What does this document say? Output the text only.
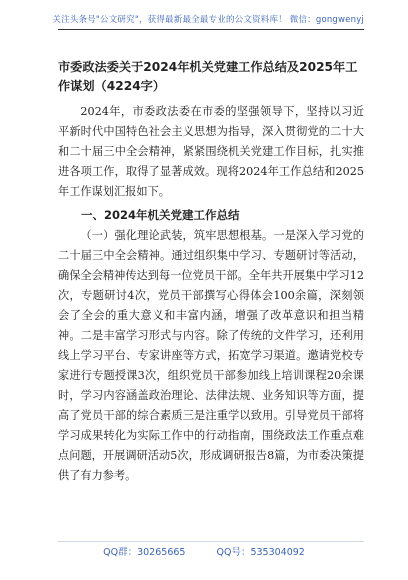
关注头条号"公文研究"，获得最新最全最专业的公文资料库！ 微信：gongwenyj

市委政法委关于2024年机关党建工作总结及2025年工作谋划（4224字）

2024年，市委政法委在市委的坚强领导下，坚持以习近平新时代中国特色社会主义思想为指导，深入贯彻党的二十大和二十届三中全会精神，紧紧围绕机关党建工作目标，扎实推进各项工作，取得了显著成效。现将2024年工作总结和2025年工作谋划汇报如下。

一、2024年机关党建工作总结

（一）强化理论武装，筑牢思想根基。一是深入学习党的二十届三中全会精神。通过组织集中学习、专题研讨等活动，确保全会精神传达到每一位党员干部。全年共开展集中学习12次，专题研讨4次，党员干部撰写心得体会100余篇，深刻领会了全会的重大意义和丰富内涵，增强了改革意识和担当精神。二是丰富学习形式与内容。除了传统的文件学习，还利用线上学习平台、专家讲座等方式，拓宽学习渠道。邀请党校专家进行专题授课3次，组织党员干部参加线上培训课程20余课时，学习内容涵盖政治理论、法律法规、业务知识等方面，提高了党员干部的综合素质三是注重学以致用。引导党员干部将学习成果转化为实际工作中的行动指南，围绕政法工作重点难点问题，开展调研活动5次，形成调研报告8篇，为市委决策提供了有力参考。

QQ群：30265665	QQ号：535304092
